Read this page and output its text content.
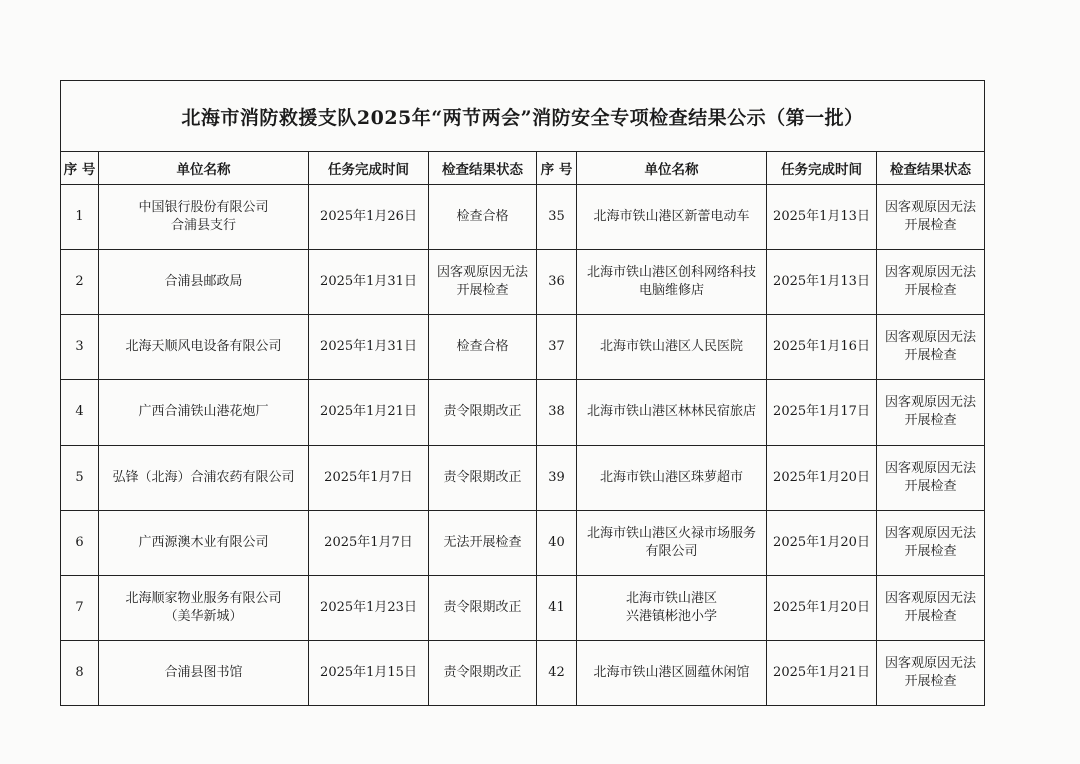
北海市消防救援支队2025年“两节两会”消防安全专项检查结果公示（第一批）							
序 号	单位名称	任务完成时间	检查结果状态	序 号	单位名称	任务完成时间	检查结果状态
1	中国银行股份有限公司
合浦县支行	2025年1月26日	检查合格	35	北海市铁山港区新蕾电动车	2025年1月13日	因客观原因无法
开展检查
2	合浦县邮政局	2025年1月31日	因客观原因无法
开展检查	36	北海市铁山港区创科网络科技
电脑维修店	2025年1月13日	因客观原因无法
开展检查
3	北海天顺风电设备有限公司	2025年1月31日	检查合格	37	北海市铁山港区人民医院	2025年1月16日	因客观原因无法
开展检查
4	广西合浦铁山港花炮厂	2025年1月21日	责令限期改正	38	北海市铁山港区林林民宿旅店	2025年1月17日	因客观原因无法
开展检查
5	弘锋（北海）合浦农药有限公司	2025年1月7日	责令限期改正	39	北海市铁山港区珠萝超市	2025年1月20日	因客观原因无法
开展检查
6	广西源澳木业有限公司	2025年1月7日	无法开展检查	40	北海市铁山港区火禄市场服务
有限公司	2025年1月20日	因客观原因无法
开展检查
7	北海顺家物业服务有限公司
（美华新城）	2025年1月23日	责令限期改正	41	北海市铁山港区
兴港镇彬池小学	2025年1月20日	因客观原因无法
开展检查
8	合浦县图书馆	2025年1月15日	责令限期改正	42	北海市铁山港区圆蕴休闲馆	2025年1月21日	因客观原因无法
开展检查
